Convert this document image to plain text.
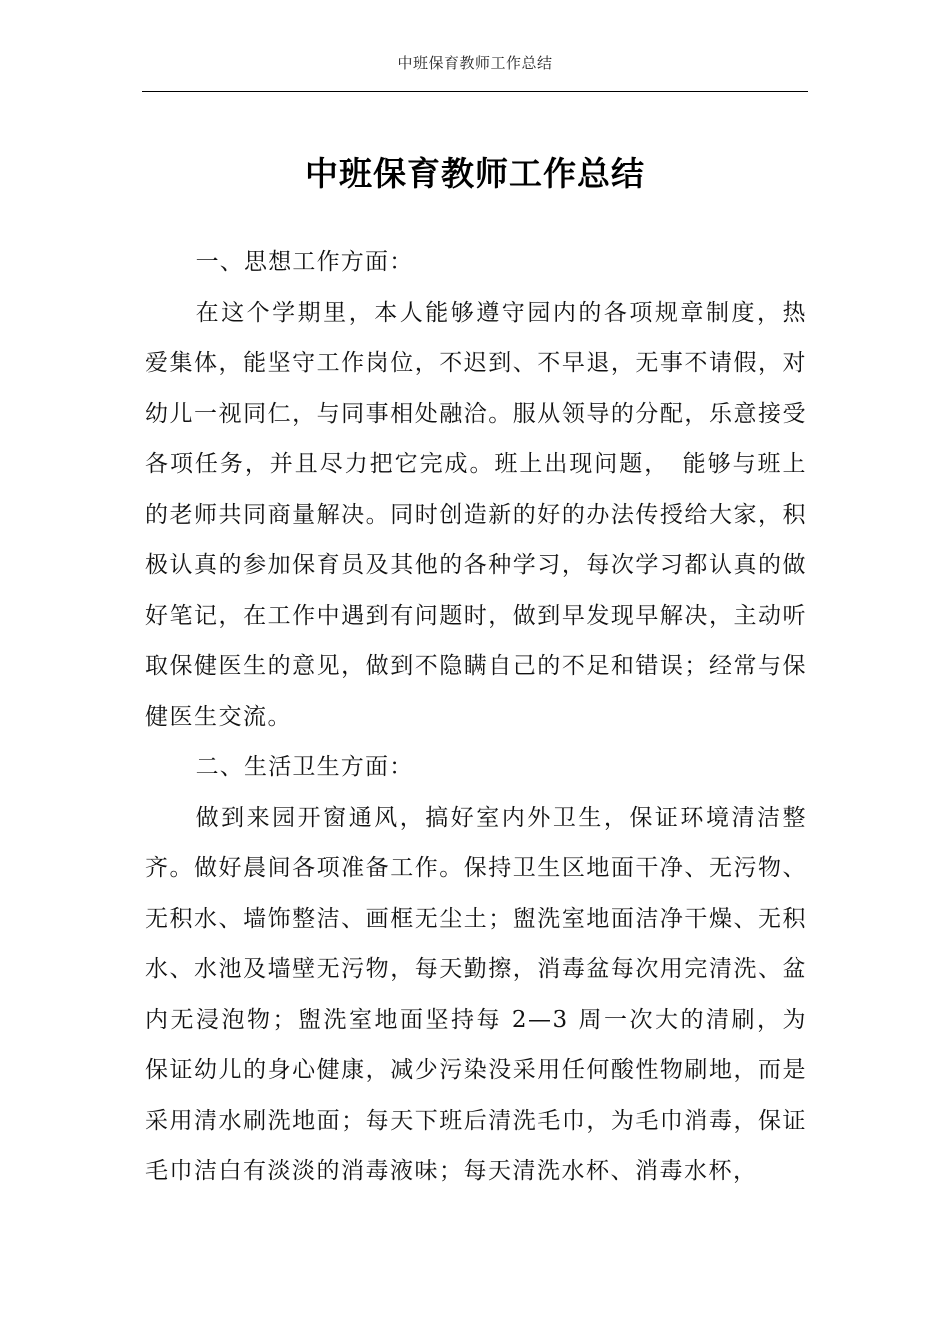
中班保育教师工作总结
中班保育教师工作总结

一、思想工作方面：

在这个学期里，本人能够遵守园内的各项规章制度，热爱集体，能坚守工作岗位，不迟到、不早退，无事不请假，对幼儿一视同仁，与同事相处融洽。服从领导的分配，乐意接受各项任务，并且尽力把它完成。班上出现问题，　能够与班上的老师共同商量解决。同时创造新的好的办法传授给大家，积极认真的参加保育员及其他的各种学习，每次学习都认真的做好笔记，在工作中遇到有问题时，做到早发现早解决，主动听取保健医生的意见，做到不隐瞒自己的不足和错误；经常与保健医生交流。

二、生活卫生方面：

做到来园开窗通风，搞好室内外卫生，保证环境清洁整齐。做好晨间各项准备工作。保持卫生区地面干净、无污物、无积水、墙饰整洁、画框无尘土；盥洗室地面洁净干燥、无积水、水池及墙壁无污物，每天勤擦，消毒盆每次用完清洗、盆内无浸泡物；盥洗室地面坚持每 2—3 周一次大的清刷，为保证幼儿的身心健康，减少污染没采用任何酸性物刷地，而是采用清水刷洗地面；每天下班后清洗毛巾，为毛巾消毒，保证毛巾洁白有淡淡的消毒液味；每天清洗水杯、消毒水杯，
